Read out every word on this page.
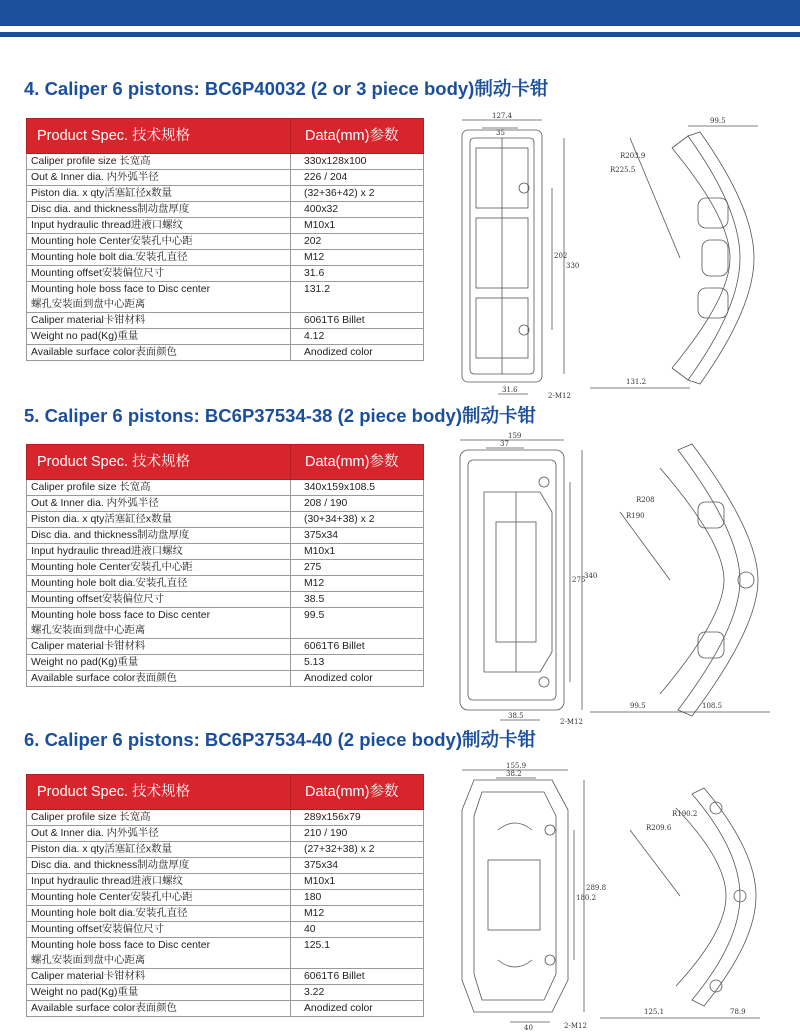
4. Caliper 6 pistons: BC6P40032 (2 or 3 piece body)制动卡钳
5. Caliper 6 pistons: BC6P37534-38 (2 piece body)制动卡钳
6. Caliper 6 pistons: BC6P37534-40 (2 piece body)制动卡钳
Product Spec. 技术规格	Data(mm)参数
Caliper profile size 长宽高	330x128x100
Out & Inner dia. 内外弧半径	226 / 204
Piston dia. x qty活塞缸径x数量	(32+36+42) x 2
Disc dia. and thickness制动盘厚度	400x32
Input hydraulic thread进液口螺纹	M10x1
Mounting hole Center安装孔中心距	202
Mounting hole bolt dia.安装孔直径	M12
Mounting offset安装偏位尺寸	31.6

Mounting hole boss face to Disc center
螺孔安装面到盘中心距离	131.2
Caliper material卡钳材料	6061T6 Billet
Weight no pad(Kg)重量	4.12
Available surface color表面颜色	Anodized color
Product Spec. 技术规格	Data(mm)参数
Caliper profile size 长宽高	340x159x108.5
Out & Inner dia. 内外弧半径	208 / 190
Piston dia. x qty活塞缸径x数量	(30+34+38) x 2
Disc dia. and thickness制动盘厚度	375x34
Input hydraulic thread进液口螺纹	M10x1
Mounting hole Center安装孔中心距	275
Mounting hole bolt dia.安装孔直径	M12
Mounting offset安装偏位尺寸	38.5

Mounting hole boss face to Disc center
螺孔安装面到盘中心距离	99.5
Caliper material卡钳材料	6061T6 Billet
Weight no pad(Kg)重量	5.13
Available surface color表面颜色	Anodized color
Product Spec. 技术规格	Data(mm)参数
Caliper profile size 长宽高	289x156x79
Out & Inner dia. 内外弧半径	210 / 190
Piston dia. x qty活塞缸径x数量	(27+32+38) x 2
Disc dia. and thickness制动盘厚度	375x34
Input hydraulic thread进液口螺纹	M10x1
Mounting hole Center安装孔中心距	180
Mounting hole bolt dia.安装孔直径	M12
Mounting offset安装偏位尺寸	40

Mounting hole boss face to Disc center
螺孔安装面到盘中心距离	125.1
Caliper material卡钳材料	6061T6 Billet
Weight no pad(Kg)重量	3.22
Available surface color表面颜色	Anodized color
127.4
35
202
330
31.6
2-M12
R203.9
R225.5
99.5
131.2
159
37
275
340
38.5
2-M12
R208
R190
99.5	108.5
155.9
38.2
180.2
289.8
40	2-M12
R190.2
R209.6
125.1	78.9
